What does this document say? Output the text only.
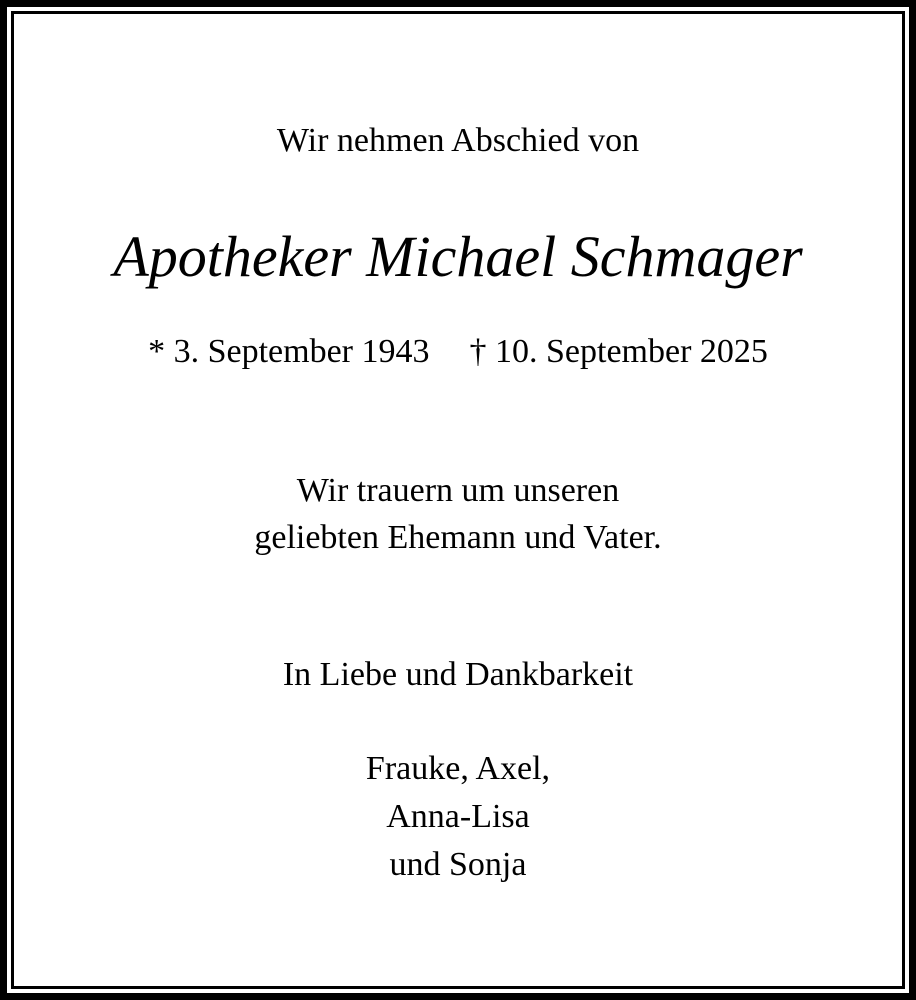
Wir nehmen Abschied von
Apotheker Michael Schmager
* 3. September 1943 † 10. September 2025
Wir trauern um unseren
geliebten Ehemann und Vater.
In Liebe und Dankbarkeit
Frauke, Axel,
Anna-Lisa
und Sonja
